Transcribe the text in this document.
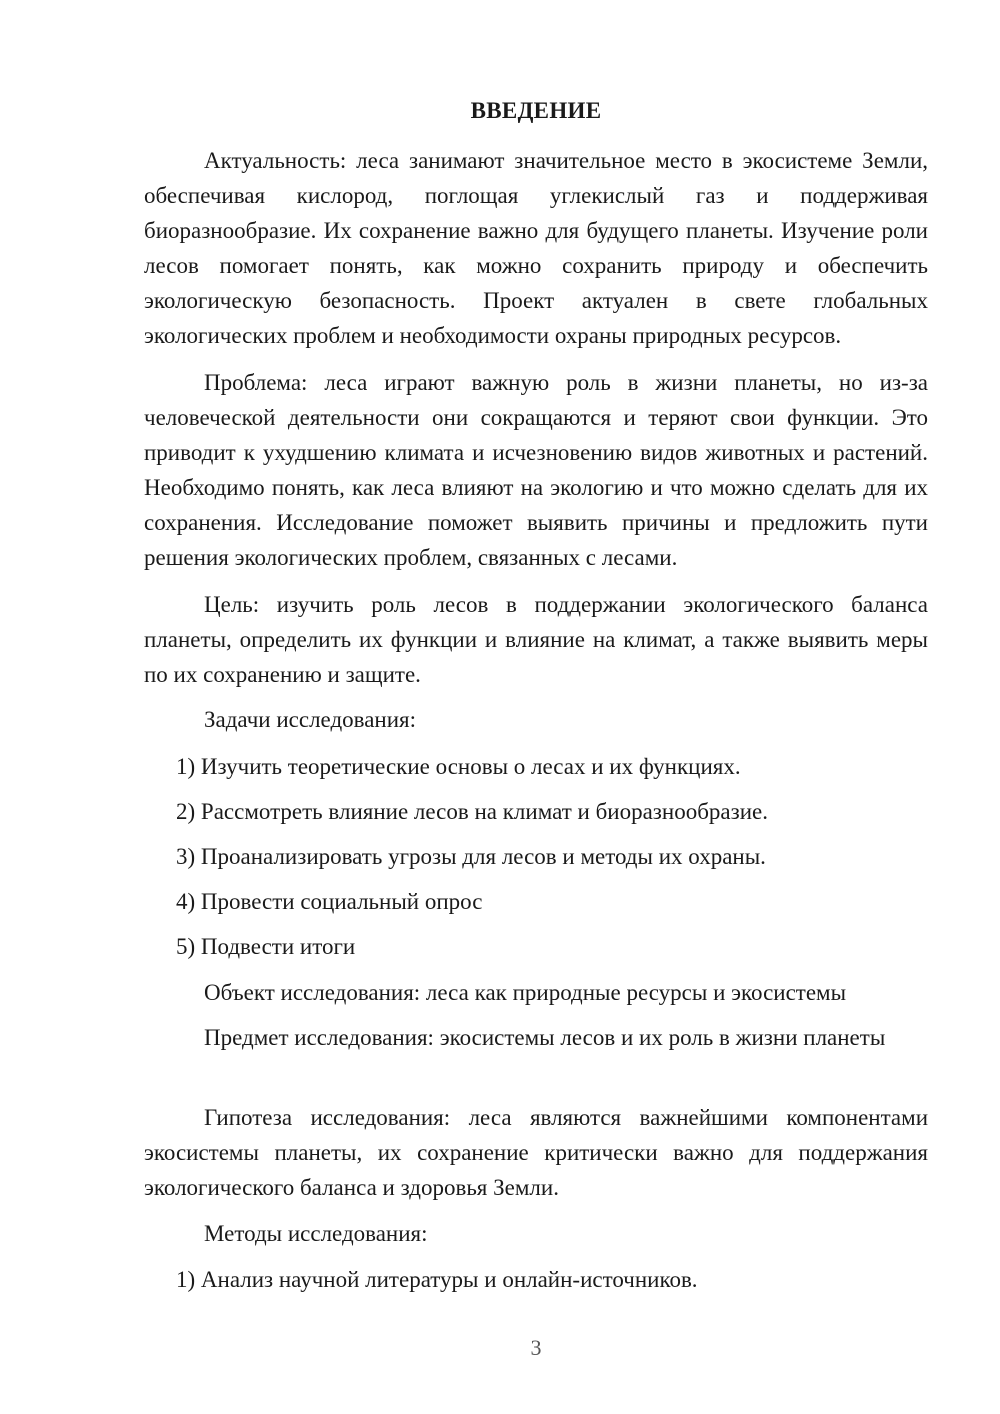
ВВЕДЕНИЕ

Актуальность: леса занимают значительное место в экосистеме Земли, обеспечивая кислород, поглощая углекислый газ и поддерживая биоразнообразие. Их сохранение важно для будущего планеты. Изучение роли лесов помогает понять, как можно сохранить природу и обеспечить экологическую безопасность. Проект актуален в свете глобальных экологических проблем и необходимости охраны природных ресурсов.

Проблема: леса играют важную роль в жизни планеты, но из-за человеческой деятельности они сокращаются и теряют свои функции. Это приводит к ухудшению климата и исчезновению видов животных и растений. Необходимо понять, как леса влияют на экологию и что можно сделать для их сохранения. Исследование поможет выявить причины и предложить пути решения экологических проблем, связанных с лесами.

Цель: изучить роль лесов в поддержании экологического баланса планеты, определить их функции и влияние на климат, а также выявить меры по их сохранению и защите.

Задачи исследования:

1) Изучить теоретические основы о лесах и их функциях.

2) Рассмотреть влияние лесов на климат и биоразнообразие.

3) Проанализировать угрозы для лесов и методы их охраны.

4) Провести социальный опрос

5) Подвести итоги

Объект исследования: леса как природные ресурсы и экосистемы

Предмет исследования: экосистемы лесов и их роль в жизни планеты

Гипотеза исследования: леса являются важнейшими компонентами экосистемы планеты, их сохранение критически важно для поддержания экологического баланса и здоровья Земли.

Методы исследования:

1) Анализ научной литературы и онлайн-источников.

3
